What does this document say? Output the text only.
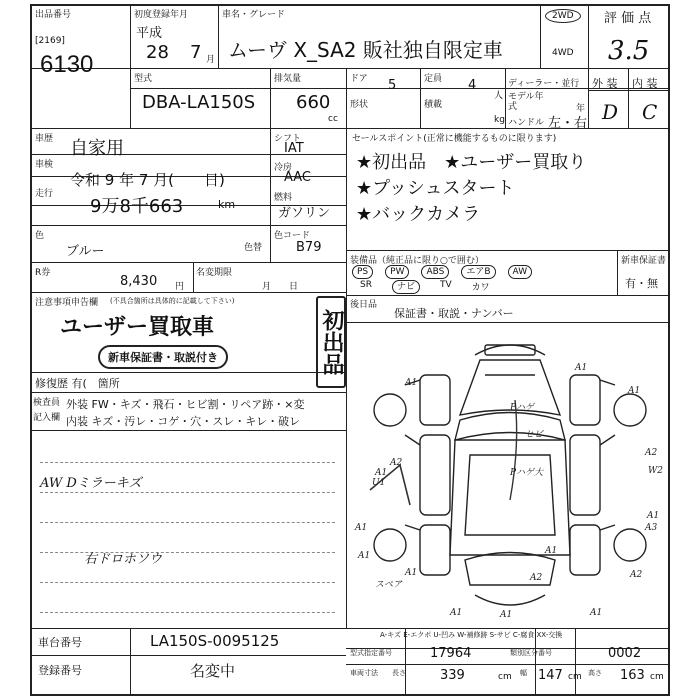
出品番号
[2169]
6130
初度登録年月
平成
28 7 月
車名・グレード
ムーヴ X_SA2 販社独自限定車
2WD
4WD
評 価 点
3.5
外 装 内 装
D C
型式
DBA-LA150S
排気量
660
cc
ドア 5	定員 4
人
ディーラー・並行
形状	積載
kg
モデル年式	年
ハンドル 左・右
車歴 自家用
車検
令和 9 年 7 月(　　日)
走行
9万8千663	km
色
ブルー	色替
R券
8,430 円
名変期限
月　　日
シフト
IAT
冷房
AAC
燃料
ガソリン
色コード
B79
セールスポイント(正常に機能するものに限ります)
★初出品　★ユーザー買取り
★プッシュスタート
★バックカメラ
装備品（純正品に限り○で囲む）
PS	PW	ABS	エアB	AW
SR	ナビ	TV カワ
新車保証書
有・無
後日品
保証書・取説・ナンバー
注意事項申告欄 (不具合箇所は具体的に記載して下さい)
ユーザー買取車
新車保証書・取説付き	初出品
修復歴 有(　箇所
検査員記入欄
外装 FW・キズ・飛石・ヒビ割・リペア跡・×変
内装 キズ・汚レ・コゲ・穴・スレ・キレ・破レ
AW Dミラーキズ
右ドロホソウ
A1
A1
A1
A2
A2
A2
A1
A1
A1
A1	A2
W2
A1
A1
A1
A1
U1
A3
A1
Pハゲ
ヒビ
Pハゲ大
スペア
A-キズ E-エクボ U-凹み W-補修跡 S-サビ C-腐食 XX-交換
車台番号	LA150S-0095125
登録番号	名変中
型式指定番号	17964	類別区分番号	0002
車両寸法 長さ	339	cm 幅 147 cm 高さ 163 cm
